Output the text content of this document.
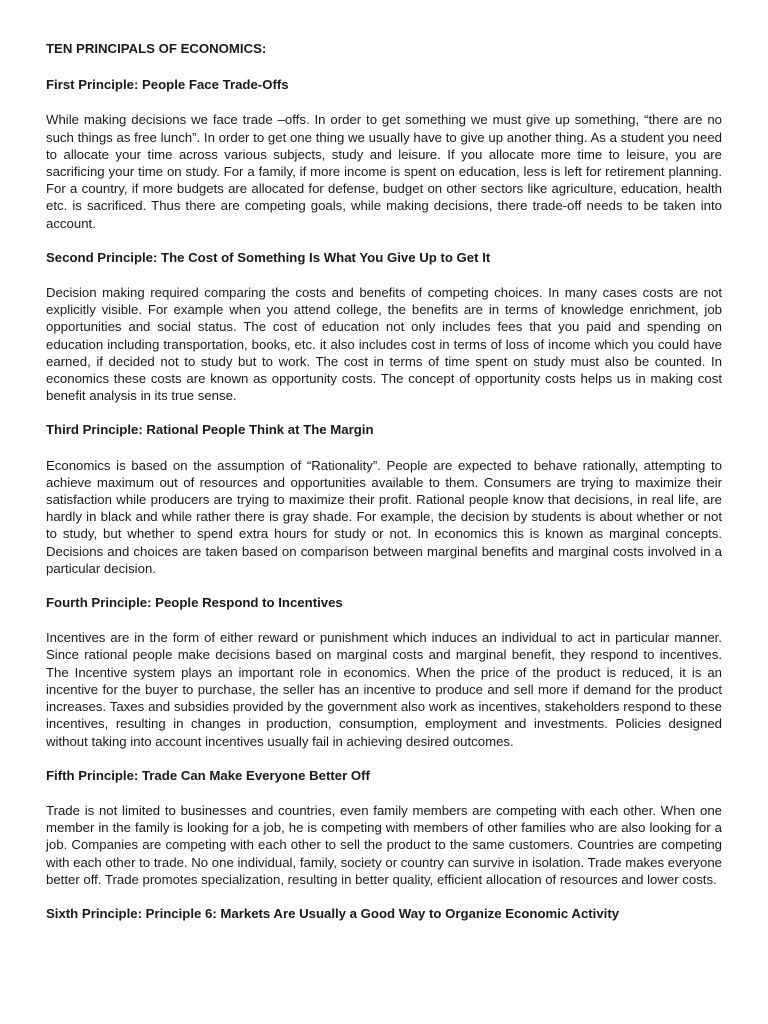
TEN PRINCIPALS OF ECONOMICS:
First Principle: People Face Trade-Offs

While making decisions we face trade –offs. In order to get something we must give up something, “there are no such things as free lunch”. In order to get one thing we usually have to give up another thing. As a student you need to allocate your time across various subjects, study and leisure. If you allocate more time to leisure, you are sacrificing your time on study. For a family, if more income is spent on education, less is left for retirement planning. For a country, if more budgets are allocated for defense, budget on other sectors like agriculture, education, health etc. is sacrificed. Thus there are competing goals, while making decisions, there trade-off needs to be taken into account.

Second Principle: The Cost of Something Is What You Give Up to Get It

Decision making required comparing the costs and benefits of competing choices. In many cases costs are not explicitly visible. For example when you attend college, the benefits are in terms of knowledge enrichment, job opportunities and social status. The cost of education not only includes fees that you paid and spending on education including transportation, books, etc. it also includes cost in terms of loss of income which you could have earned, if decided not to study but to work. The cost in terms of time spent on study must also be counted. In economics these costs are known as opportunity costs. The concept of opportunity costs helps us in making cost benefit analysis in its true sense.

Third Principle: Rational People Think at The Margin

Economics is based on the assumption of “Rationality”. People are expected to behave rationally, attempting to achieve maximum out of resources and opportunities available to them. Consumers are trying to maximize their satisfaction while producers are trying to maximize their profit. Rational people know that decisions, in real life, are hardly in black and while rather there is gray shade. For example, the decision by students is about whether or not to study, but whether to spend extra hours for study or not. In economics this is known as marginal concepts. Decisions and choices are taken based on comparison between marginal benefits and marginal costs involved in a particular decision.

Fourth Principle: People Respond to Incentives

Incentives are in the form of either reward or punishment which induces an individual to act in particular manner. Since rational people make decisions based on marginal costs and marginal benefit, they respond to incentives. The Incentive system plays an important role in economics. When the price of the product is reduced, it is an incentive for the buyer to purchase, the seller has an incentive to produce and sell more if demand for the product increases. Taxes and subsidies provided by the government also work as incentives, stakeholders respond to these incentives, resulting in changes in production, consumption, employment and investments. Policies designed without taking into account incentives usually fail in achieving desired outcomes.

Fifth Principle: Trade Can Make Everyone Better Off

Trade is not limited to businesses and countries, even family members are competing with each other. When one member in the family is looking for a job, he is competing with members of other families who are also looking for a job. Companies are competing with each other to sell the product to the same customers. Countries are competing with each other to trade. No one individual, family, society or country can survive in isolation. Trade makes everyone better off. Trade promotes specialization, resulting in better quality, efficient allocation of resources and lower costs.

Sixth Principle: Principle 6: Markets Are Usually a Good Way to Organize Economic Activity
